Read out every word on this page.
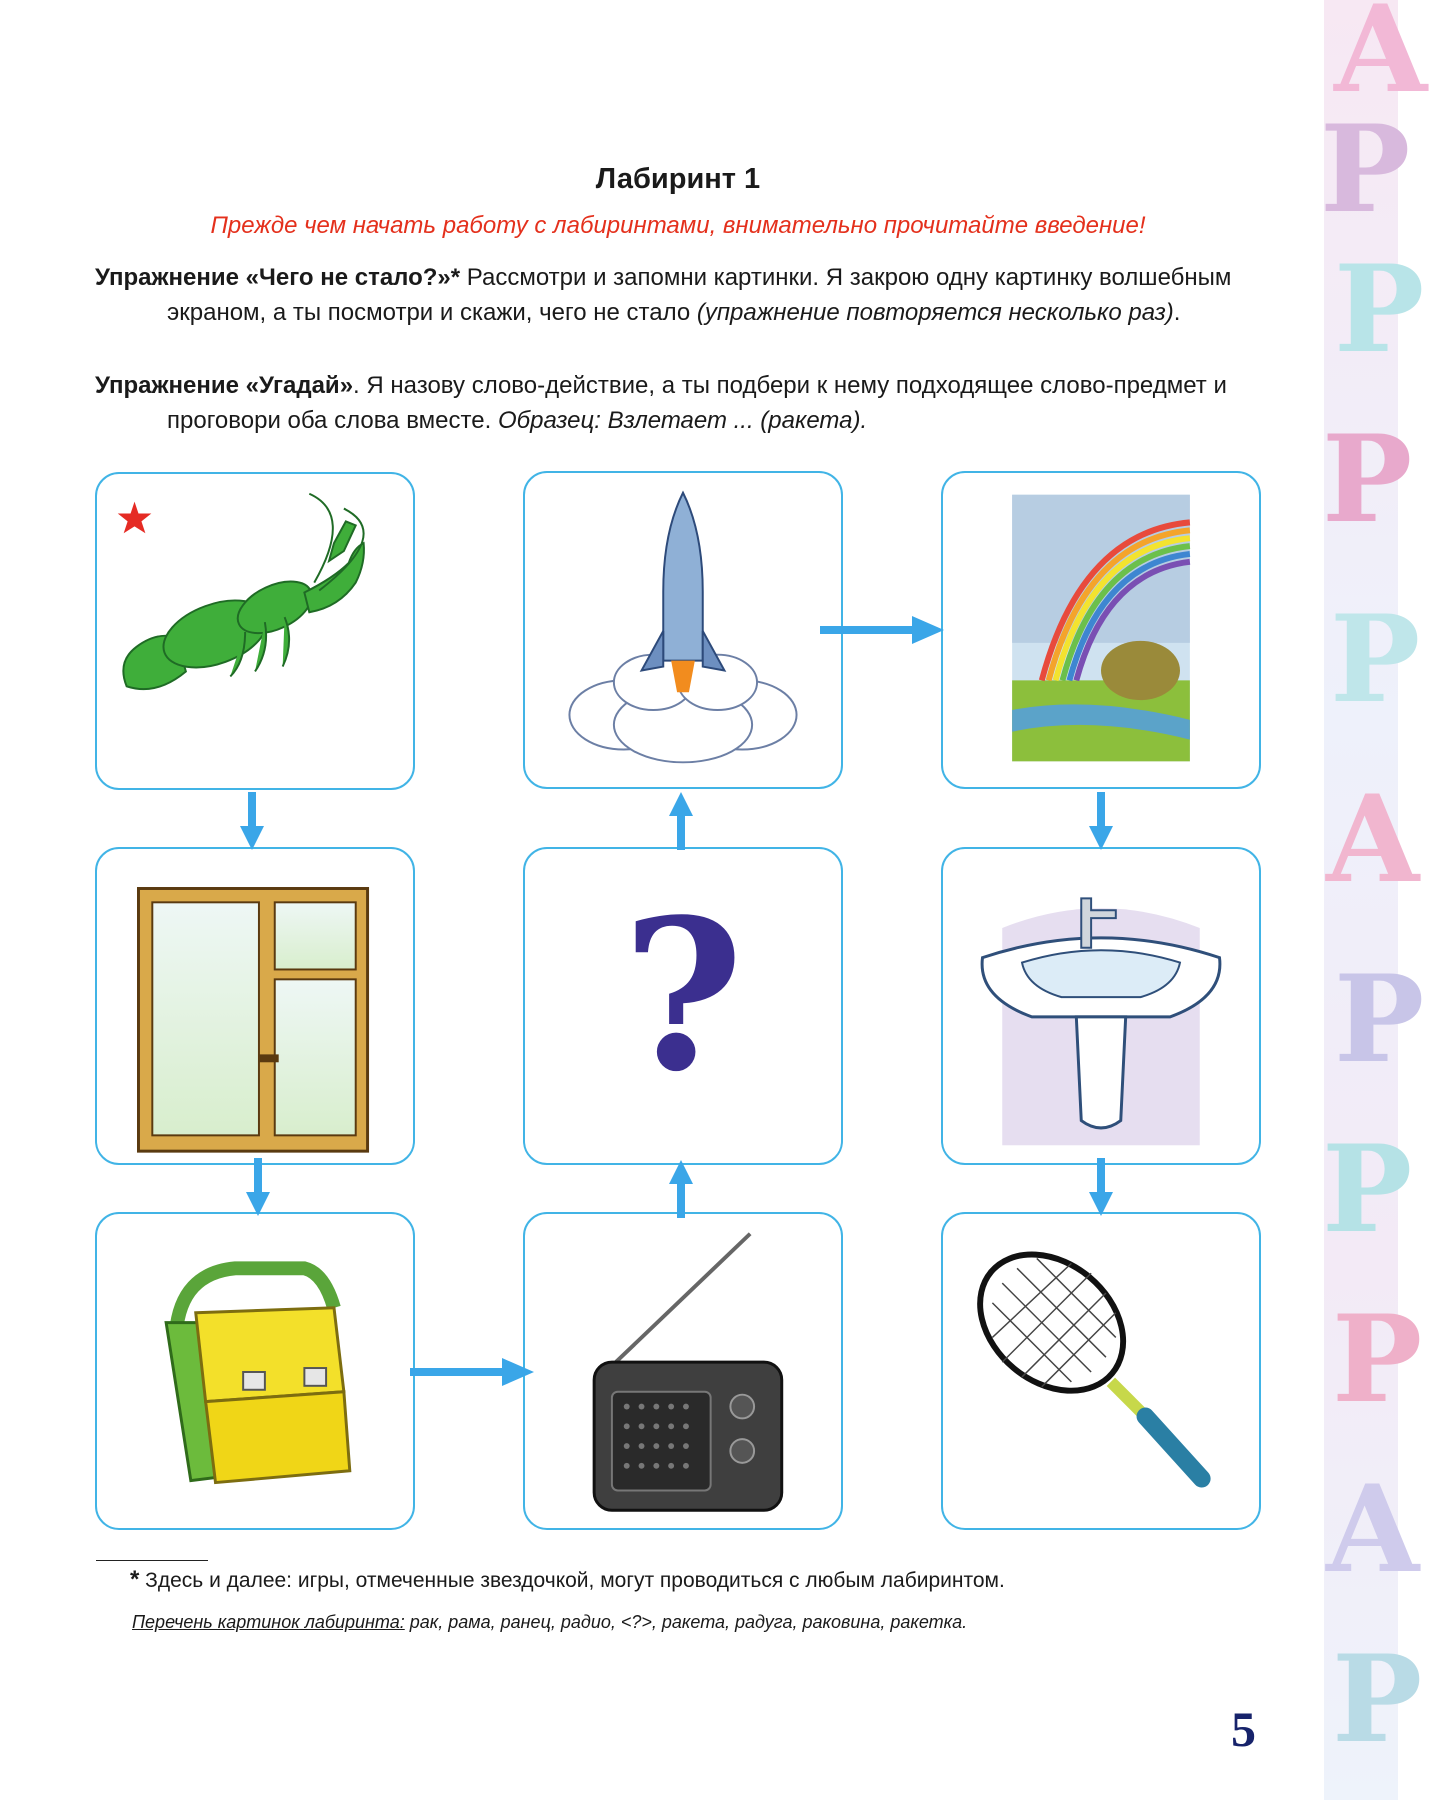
А
Р
Р
Р
Р
А
Р
Р
Р
А
Р
Лабиринт 1
Прежде чем начать работу с лабиринтами, внимательно прочитайте введение!

Упражнение «Чего не стало?»* Рассмотри и запомни картинки. Я закрою одну картинку волшебным экраном, а ты посмотри и скажи, чего не стало (упражнение повторяется несколько раз).

Упражнение «Угадай». Я назову слово-действие, а ты подбери к нему подходящее слово-предмет и проговори оба слова вместе. Образец: Взлетает ... (ракета).

?
* Здесь и далее: игры, отмеченные звездочкой, могут проводиться с любым лабиринтом.
Перечень картинок лабиринта: рак, рама, ранец, радио, <?>, ракета, радуга, раковина, ракетка.
5
